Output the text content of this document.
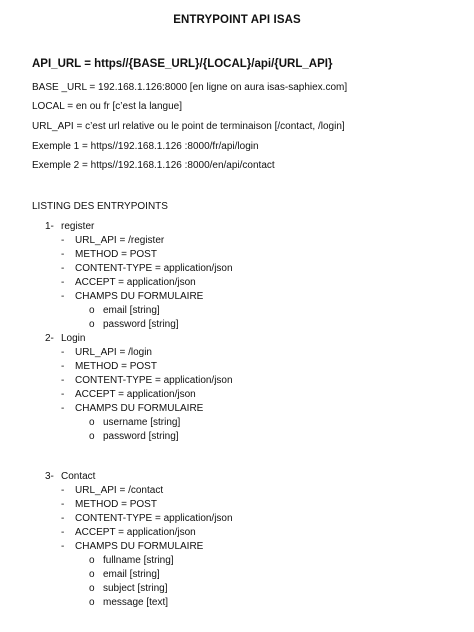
ENTRYPOINT API ISAS
API_URL = https//{BASE_URL}/{LOCAL}/api/{URL_API}
BASE _URL = 192.168.1.126:8000 [en ligne on aura isas-saphiex.com]
LOCAL = en ou fr [c’est la langue]
URL_API = c’est url relative ou le point de terminaison [/contact, /login]
Exemple 1 = https//192.168.1.126 :8000/fr/api/login
Exemple 2 = https//192.168.1.126 :8000/en/api/contact
LISTING DES ENTRYPOINTS
1- register
- URL_API = /register
- METHOD = POST
- CONTENT-TYPE = application/json
- ACCEPT = application/json
- CHAMPS DU FORMULAIRE
o email [string]
o password [string]
2- Login
- URL_API = /login
- METHOD = POST
- CONTENT-TYPE = application/json
- ACCEPT = application/json
- CHAMPS DU FORMULAIRE
o username [string]
o password [string]
3- Contact
- URL_API = /contact
- METHOD = POST
- CONTENT-TYPE = application/json
- ACCEPT = application/json
- CHAMPS DU FORMULAIRE
o fullname [string]
o email [string]
o subject [string]
o message [text]
